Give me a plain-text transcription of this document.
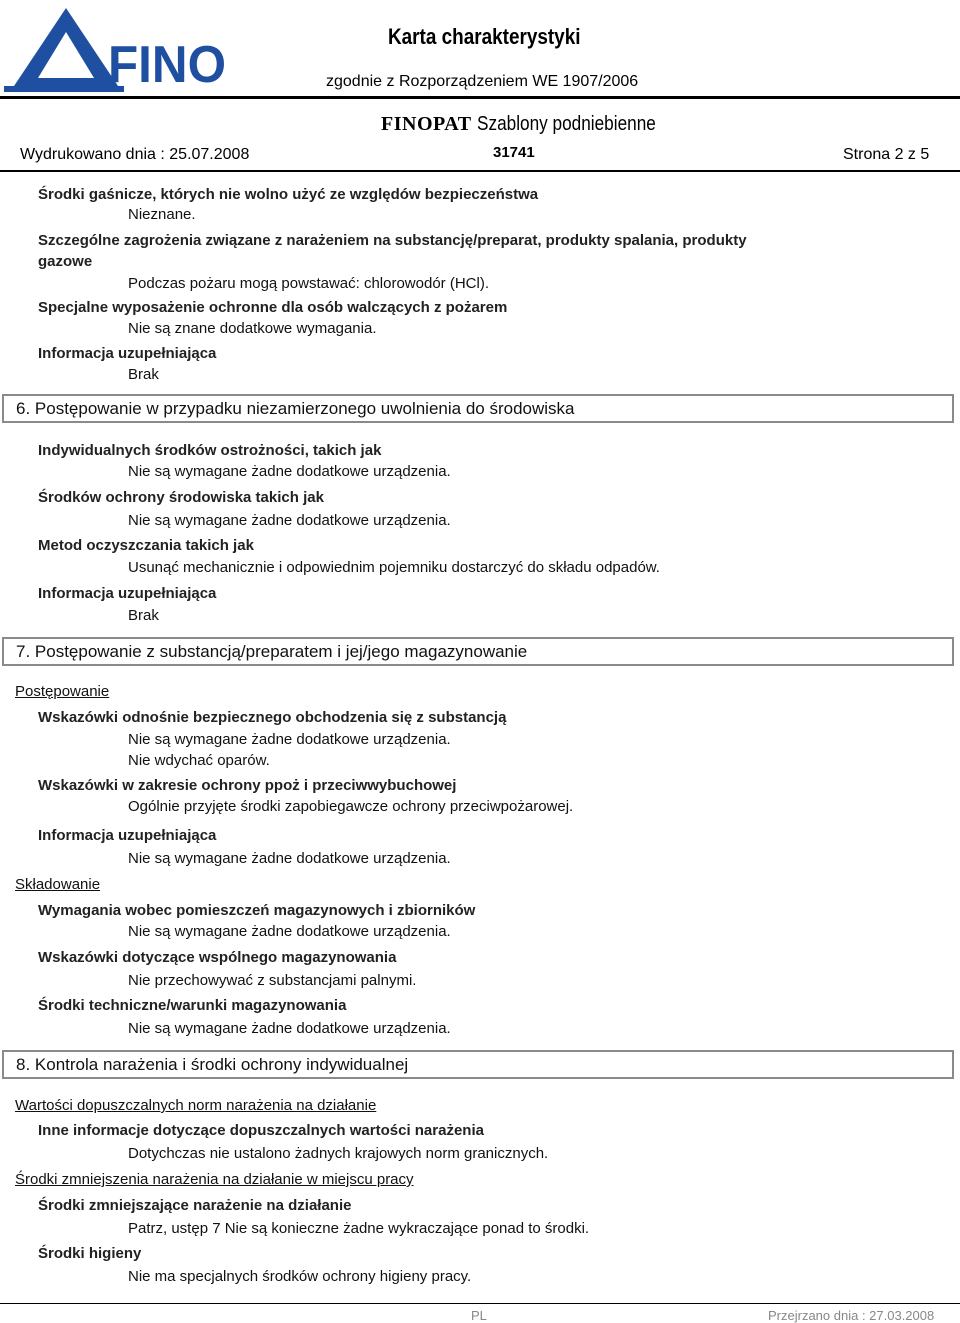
FINO	Karta charakterystyki
zgodnie z Rozporządzeniem WE 1907/2006
FINOPAT Szablony podniebienne
Wydrukowano dnia : 25.07.2008	31741	Strona 2 z 5
Środki gaśnicze, których nie wolno użyć ze względów bezpieczeństwa
Nieznane.
Szczególne zagrożenia związane z narażeniem na substancję/preparat, produkty spalania, produkty
gazowe
Podczas pożaru mogą powstawać: chlorowodór (HCl).
Specjalne wyposażenie ochronne dla osób walczących z pożarem
Nie są znane dodatkowe wymagania.
Informacja uzupełniająca
Brak
6. Postępowanie w przypadku niezamierzonego uwolnienia do środowiska
Indywidualnych środków ostrożności, takich jak
Nie są wymagane żadne dodatkowe urządzenia.
Środków ochrony środowiska takich jak
Nie są wymagane żadne dodatkowe urządzenia.
Metod oczyszczania takich jak
Usunąć mechanicznie i odpowiednim pojemniku dostarczyć do składu odpadów.
Informacja uzupełniająca
Brak
7. Postępowanie z substancją/preparatem i jej/jego magazynowanie
Postępowanie
Wskazówki odnośnie bezpiecznego obchodzenia się z substancją
Nie są wymagane żadne dodatkowe urządzenia.
Nie wdychać oparów.
Wskazówki w zakresie ochrony ppoż i przeciwwybuchowej
Ogólnie przyjęte środki zapobiegawcze ochrony przeciwpożarowej.
Informacja uzupełniająca
Nie są wymagane żadne dodatkowe urządzenia.
Składowanie
Wymagania wobec pomieszczeń magazynowych i zbiorników
Nie są wymagane żadne dodatkowe urządzenia.
Wskazówki dotyczące wspólnego magazynowania
Nie przechowywać z substancjami palnymi.
Środki techniczne/warunki magazynowania
Nie są wymagane żadne dodatkowe urządzenia.
8. Kontrola narażenia i środki ochrony indywidualnej
Wartości dopuszczalnych norm narażenia na działanie
Inne informacje dotyczące dopuszczalnych wartości narażenia
Dotychczas nie ustalono żadnych krajowych norm granicznych.
Środki zmniejszenia narażenia na działanie w miejscu pracy
Środki zmniejszające narażenie na działanie
Patrz, ustęp 7 Nie są konieczne żadne wykraczające ponad to środki.
Środki higieny
Nie ma specjalnych środków ochrony higieny pracy.
PL	Przejrzano dnia : 27.03.2008
